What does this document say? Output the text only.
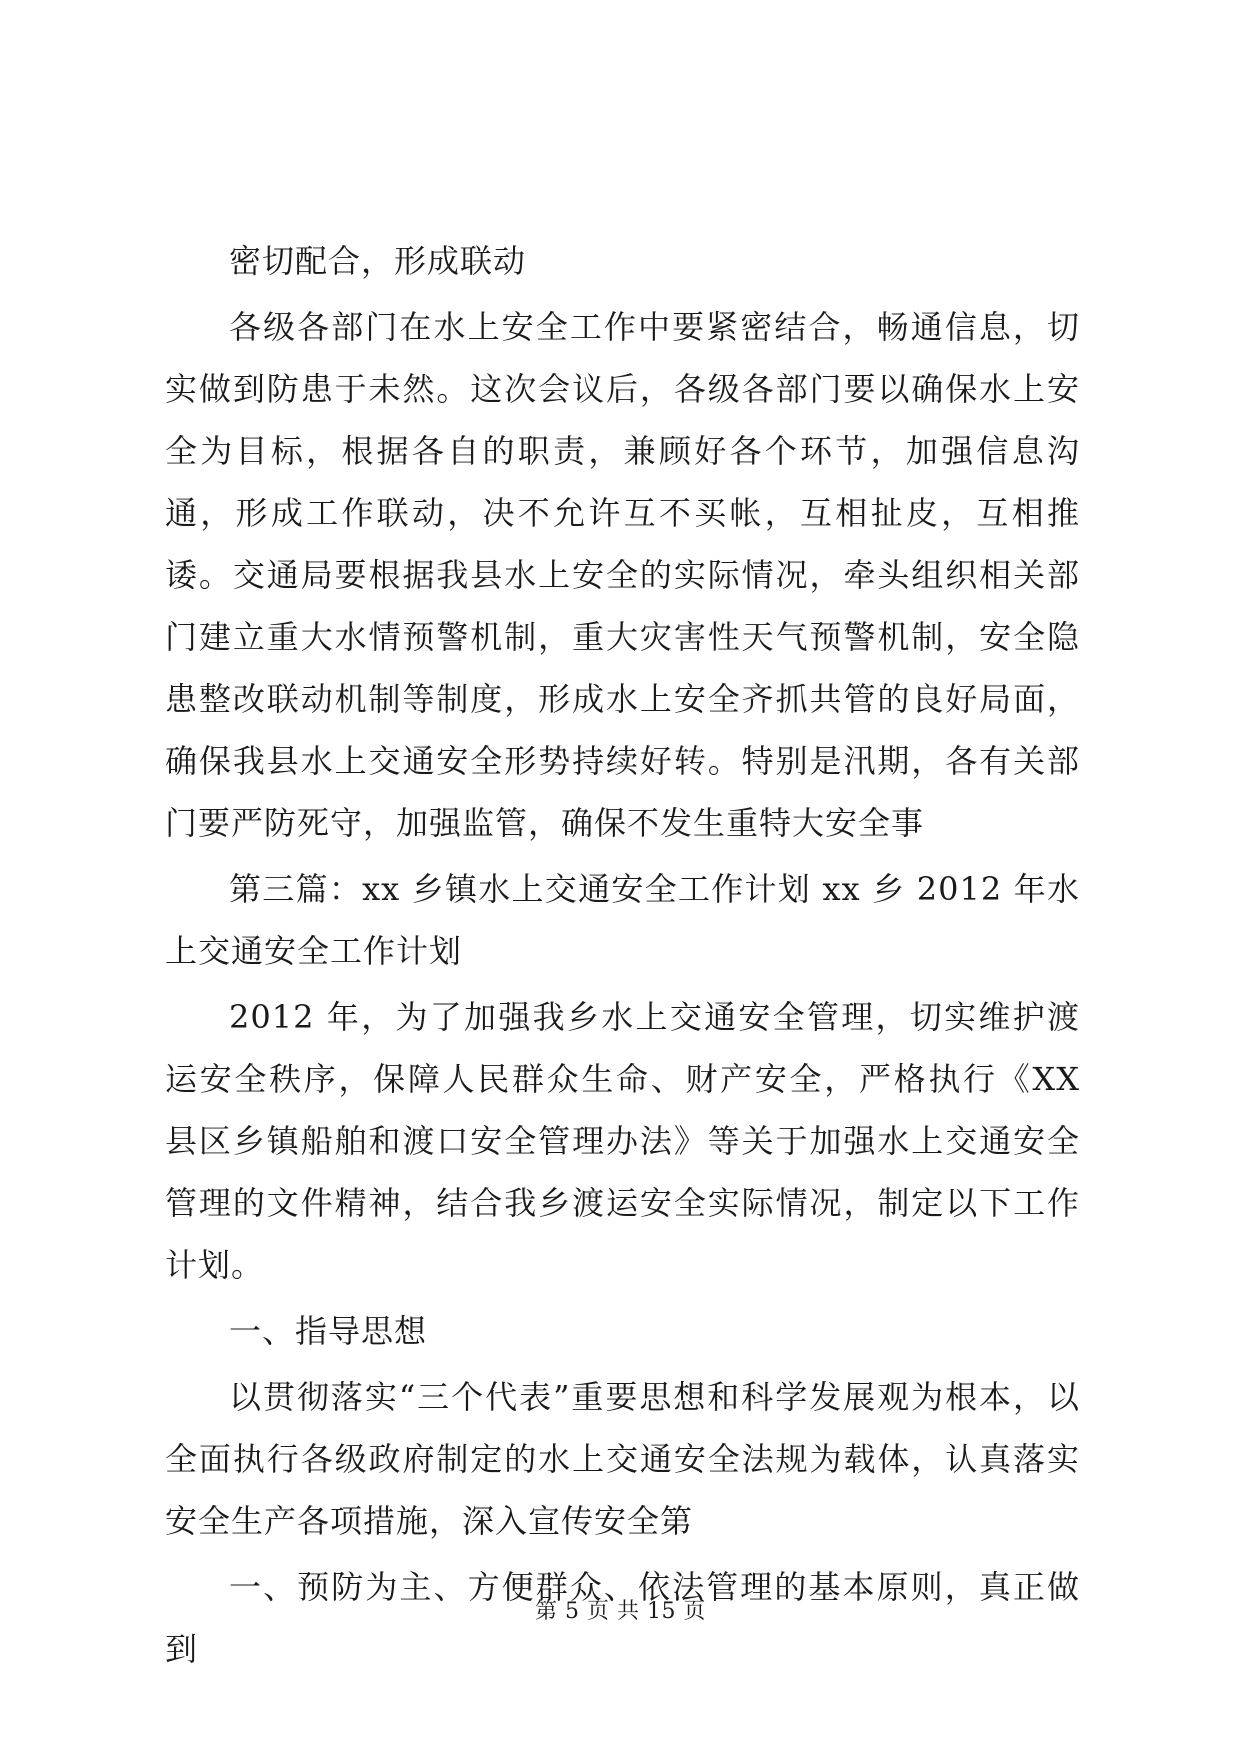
密切配合，形成联动

各级各部门在水上安全工作中要紧密结合，畅通信息，切实做到防患于未然。这次会议后，各级各部门要以确保水上安全为目标，根据各自的职责，兼顾好各个环节，加强信息沟通，形成工作联动，决不允许互不买帐，互相扯皮，互相推诿。交通局要根据我县水上安全的实际情况，牵头组织相关部门建立重大水情预警机制，重大灾害性天气预警机制，安全隐患整改联动机制等制度，形成水上安全齐抓共管的良好局面，确保我县水上交通安全形势持续好转。特别是汛期，各有关部门要严防死守，加强监管，确保不发生重特大安全事

第三篇：xx 乡镇水上交通安全工作计划 xx 乡 2012 年水上交通安全工作计划

2012 年，为了加强我乡水上交通安全管理，切实维护渡运安全秩序，保障人民群众生命、财产安全，严格执行《XX 县区乡镇船舶和渡口安全管理办法》等关于加强水上交通安全管理的文件精神，结合我乡渡运安全实际情况，制定以下工作计划。

一、指导思想

以贯彻落实“三个代表”重要思想和科学发展观为根本，以全面执行各级政府制定的水上交通安全法规为载体，认真落实安全生产各项措施，深入宣传安全第

一、预防为主、方便群众、依法管理的基本原则，真正做到

第 5 页 共 15 页
